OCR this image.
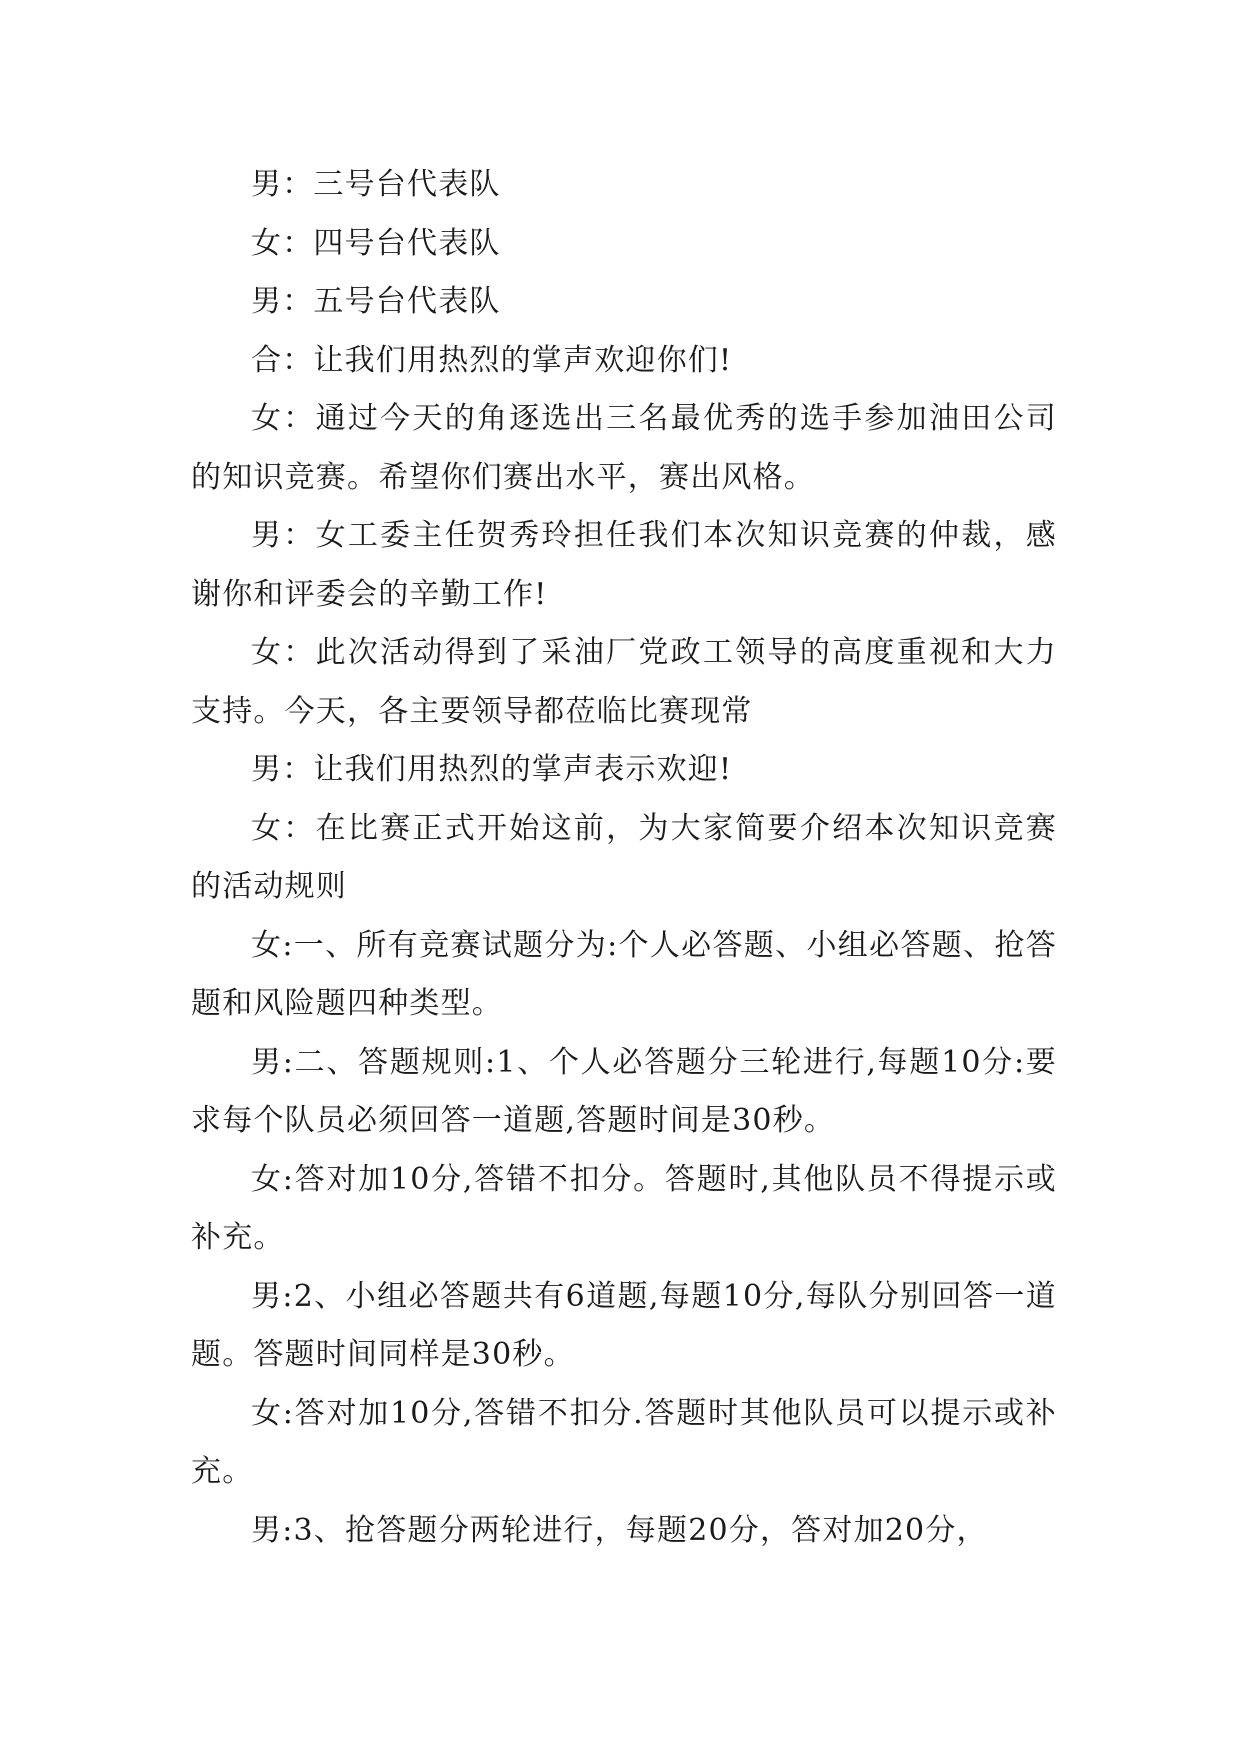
男：三号台代表队

女：四号台代表队

男：五号台代表队

合：让我们用热烈的掌声欢迎你们!

女：通过今天的角逐选出三名最优秀的选手参加油田公司的知识竞赛。希望你们赛出水平，赛出风格。

男：女工委主任贺秀玲担任我们本次知识竞赛的仲裁，感谢你和评委会的辛勤工作!

女：此次活动得到了采油厂党政工领导的高度重视和大力支持。今天，各主要领导都莅临比赛现常

男：让我们用热烈的掌声表示欢迎!

女：在比赛正式开始这前，为大家简要介绍本次知识竞赛的活动规则

女:一、所有竞赛试题分为:个人必答题、小组必答题、抢答题和风险题四种类型。

男:二、答题规则:1、个人必答题分三轮进行,每题10分:要求每个队员必须回答一道题,答题时间是30秒。

女:答对加10分,答错不扣分。答题时,其他队员不得提示或补充。

男:2、小组必答题共有6道题,每题10分,每队分别回答一道题。答题时间同样是30秒。

女:答对加10分,答错不扣分.答题时其他队员可以提示或补充。

男:3、抢答题分两轮进行，每题20分，答对加20分，
